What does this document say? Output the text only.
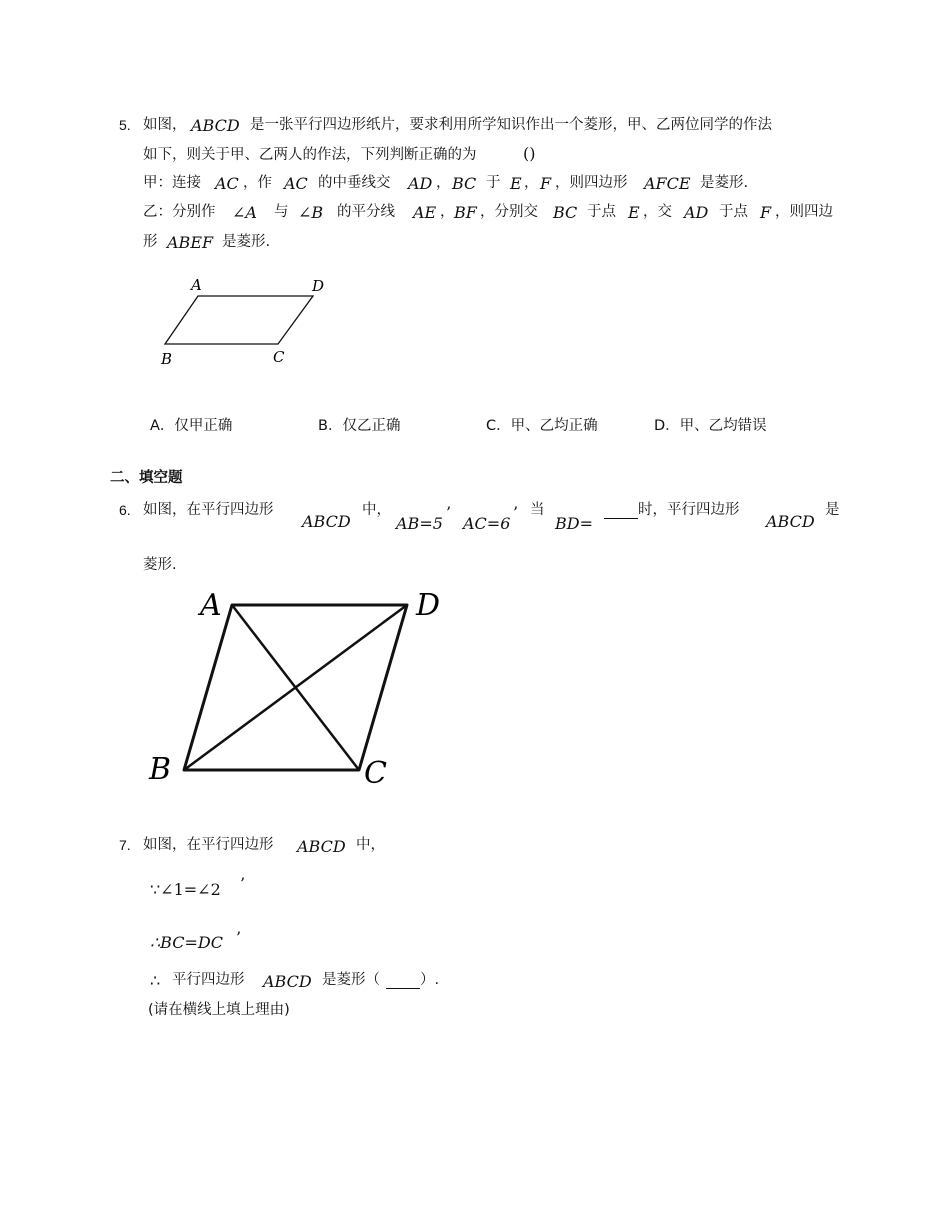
5. 如图， ABCD 是一张平行四边形纸片，要求利用所学知识作出一个菱形，甲、乙两位同学的作法
如下，则关于甲、乙两人的作法，下列判断正确的为	()
甲：连接 AC ，作 AC 的中垂线交 AD ， BC 于 E ， F ，则四边形 AFCE 是菱形.
乙：分别作 ∠A 与 ∠B 的平分线 AE ， BF ，分别交 BC 于点 E ，交 AD 于点 F ，则四边
形 ABEF 是菱形.
A	D
B	C
A．仅甲正确	B．仅乙正确	C．甲、乙均正确	D．甲、乙均错误
二、填空题
6. 如图，在平行四边形
ABCD
中，
AB=5
’
AC=6
’ 当
BD=
时，平行四边形
ABCD
是
菱形.
A	D
B	C
7. 如图，在平行四边形 ABCD 中，
∵∠1=∠2 ’
∴BC=DC ’
∴ 平行四边形 ABCD 是菱形（	）.
(请在横线上填上理由)
